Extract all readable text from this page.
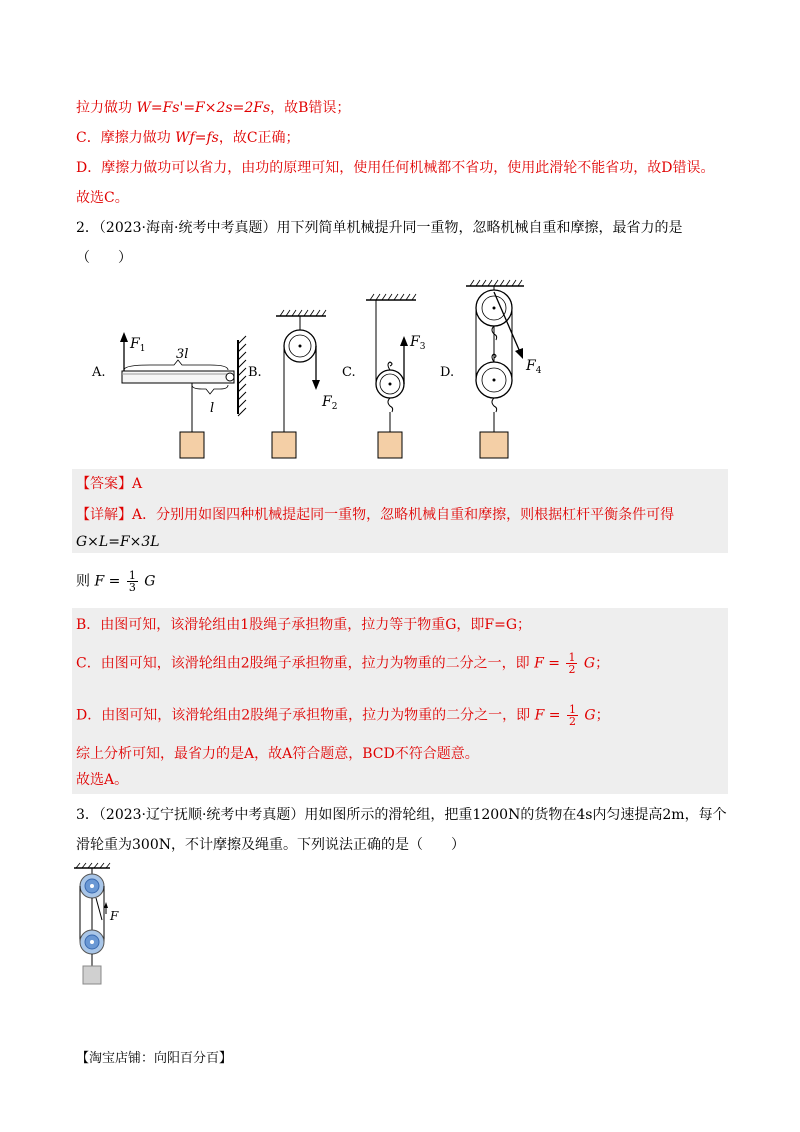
拉力做功 W=Fs'=F×2s=2Fs，故B错误；
C．摩擦力做功 Wf=fs，故C正确；
D．摩擦力做功可以省力，由功的原理可知，使用任何机械都不省功，使用此滑轮不能省功，故D错误。
故选C。
2．（2023·海南·统考中考真题）用下列简单机械提升同一重物，忽略机械自重和摩擦，最省力的是
（　　）
A.
$F_1$ 3l
l
B.
$F_2$
C.
$F_3$
D.	$F_4$
【答案】A
【详解】A．分别用如图四种机械提起同一重物，忽略机械自重和摩擦，则根据杠杆平衡条件可得
G×L=F×3L
则 $F = \frac{1}{3}$ G
B．由图可知，该滑轮组由1股绳子承担物重，拉力等于物重G，即F=G；
C．由图可知，该滑轮组由2股绳子承担物重，拉力为物重的二分之一，即 $F = \frac{1}{2}$ G；
D．由图可知，该滑轮组由2股绳子承担物重，拉力为物重的二分之一，即 $F = \frac{1}{2}$ G；
综上分析可知，最省力的是A，故A符合题意，BCD不符合题意。
故选A。
3．（2023·辽宁抚顺·统考中考真题）用如图所示的滑轮组，把重1200N的货物在4s内匀速提高2m，每个
滑轮重为300N，不计摩擦及绳重。下列说法正确的是（　　）
F
【淘宝店铺：向阳百分百】
